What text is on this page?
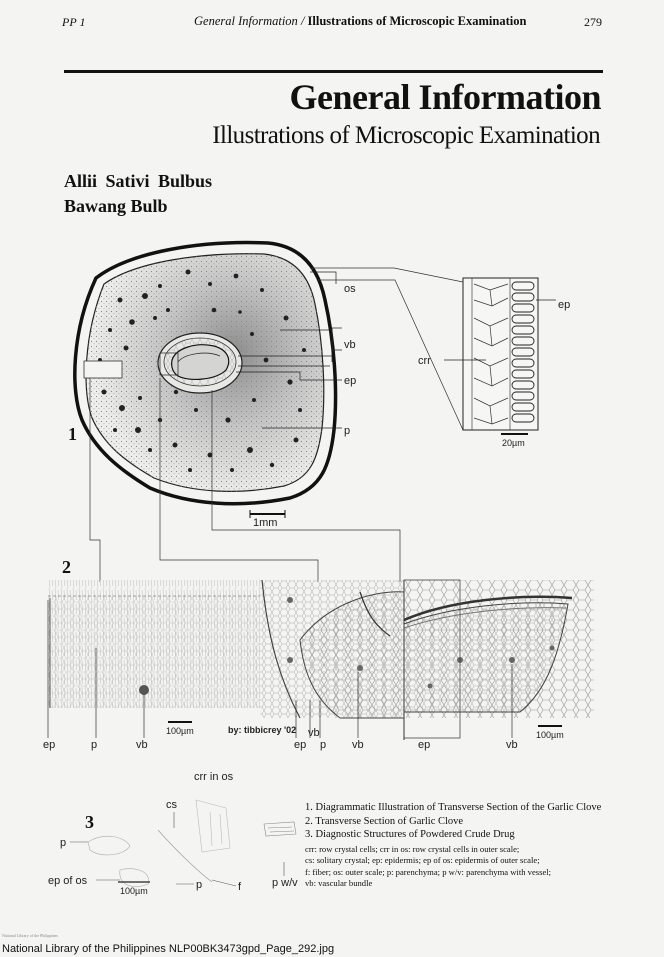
PP 1	General Information / Illustrations of Microscopic Examination	279
General Information
Illustrations of Microscopic Examination
Allii Sativi Bulbus
Bawang Bulb
1
1mm
os
vb
ep
p
ep
crr
20µm
2
100µm	by: tibbicrey '02	100µm
ep	p	vb	ep p
vb
vb	ep	vb
3
crr in os
cs
p
ep of os	p	f	p w/v
100µm
1. Diagrammatic Illustration of Transverse Section of the Garlic Clove
2. Transverse Section of Garlic Clove
3. Diagnostic Structures of Powdered Crude Drug
crr: row crystal cells; crr in os: row crystal cells in outer scale;
cs: solitary crystal; ep: epidermis; ep of os: epidermis of outer scale;
f: fiber; os: outer scale; p: parenchyma; p w/v: parenchyma with vessel;
vb: vascular bundle
National Library of the Philippines
National Library of the Philippines NLP00BK3473gpd_Page_292.jpg
